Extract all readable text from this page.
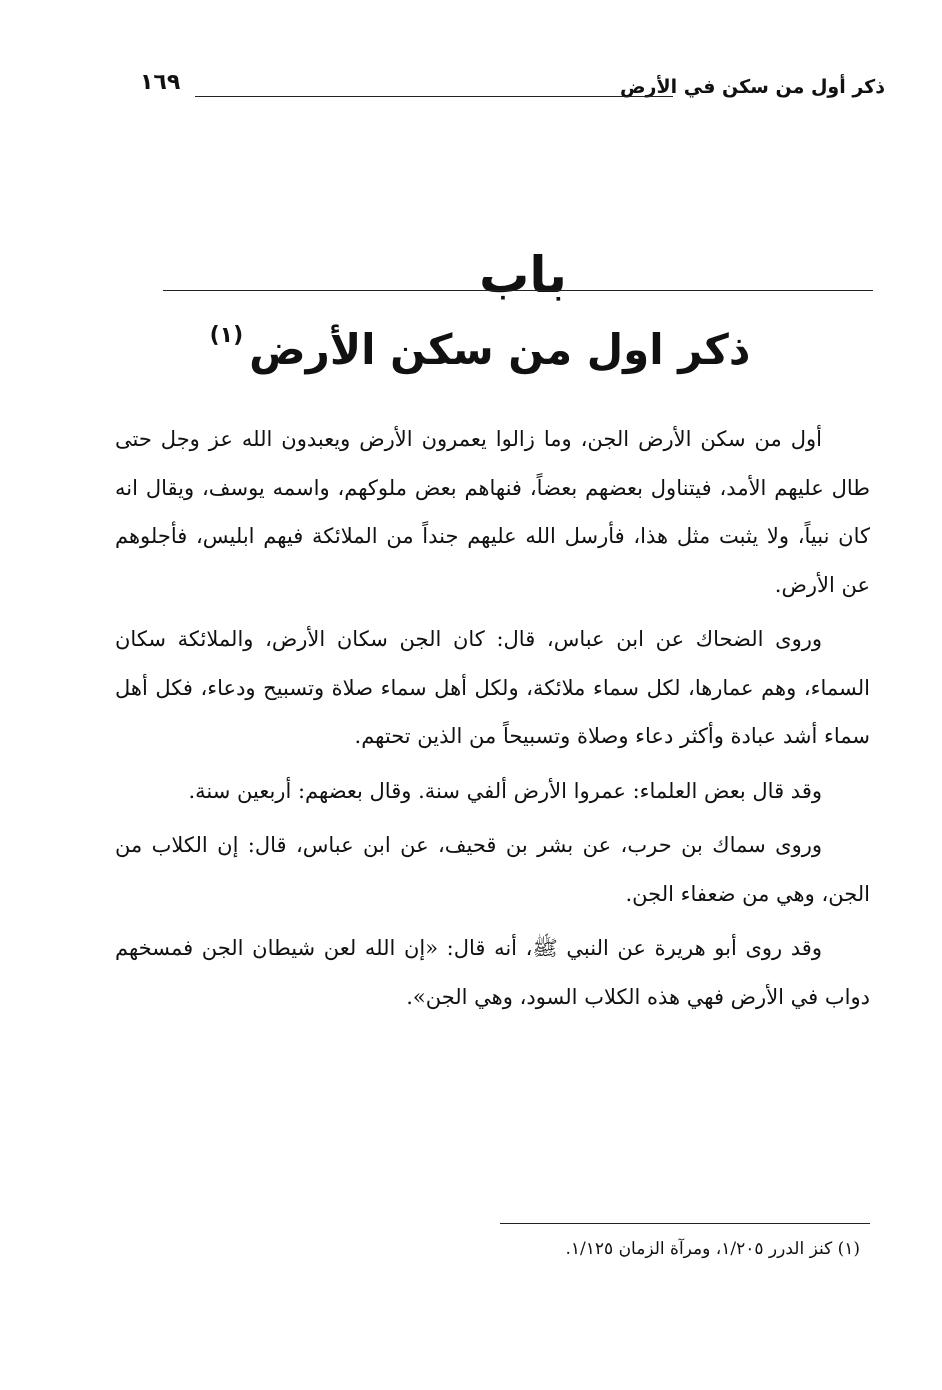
ذكر أول من سكن في الأرض
١٦٩
باب
ذكر اول من سكن الأرض$^{(١)}$

أول من سكن الأرض الجن، وما زالوا يعمرون الأرض ويعبدون الله عز وجل حتى طال عليهم الأمد، فيتناول بعضهم بعضاً، فنهاهم بعض ملوكهم، واسمه يوسف، ويقال انه كان نبياً، ولا يثبت مثل هذا، فأرسل الله عليهم جنداً من الملائكة فيهم ابليس، فأجلوهم عن الأرض.

وروى الضحاك عن ابن عباس، قال: كان الجن سكان الأرض، والملائكة سكان السماء، وهم عمارها، لكل سماء ملائكة، ولكل أهل سماء صلاة وتسبيح ودعاء، فكل أهل سماء أشد عبادة وأكثر دعاء وصلاة وتسبيحاً من الذين تحتهم.

وقد قال بعض العلماء: عمروا الأرض ألفي سنة. وقال بعضهم: أربعين سنة.

وروى سماك بن حرب، عن بشر بن قحيف، عن ابن عباس، قال: إن الكلاب من الجن، وهي من ضعفاء الجن.

وقد روى أبو هريرة عن النبي ﷺ، أنه قال: «إن الله لعن شيطان الجن فمسخهم دواب في الأرض فهي هذه الكلاب السود، وهي الجن».

(١) كنز الدرر ١/٢٠٥، ومرآة الزمان ١/١٢٥.
